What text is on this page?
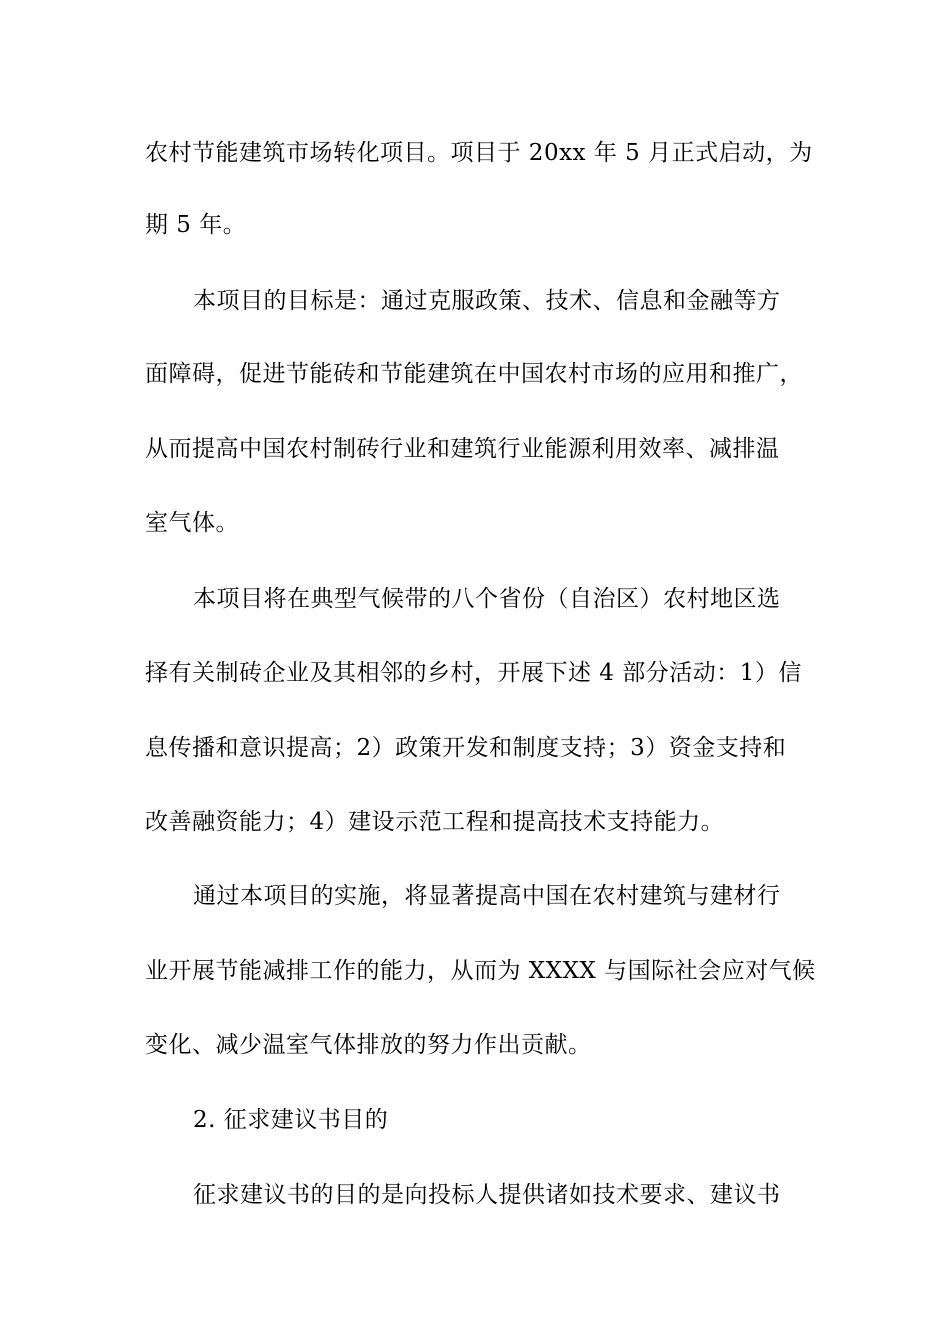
农村节能建筑市场转化项目。项目于 20xx 年 5 月正式启动，为
期 5 年。
本项目的目标是：通过克服政策、技术、信息和金融等方
面障碍，促进节能砖和节能建筑在中国农村市场的应用和推广，
从而提高中国农村制砖行业和建筑行业能源利用效率、减排温
室气体。
本项目将在典型气候带的八个省份（自治区）农村地区选
择有关制砖企业及其相邻的乡村，开展下述 4 部分活动：1）信
息传播和意识提高；2）政策开发和制度支持；3）资金支持和
改善融资能力；4）建设示范工程和提高技术支持能力。
通过本项目的实施，将显著提高中国在农村建筑与建材行
业开展节能减排工作的能力，从而为 XXXX 与国际社会应对气候
变化、减少温室气体排放的努力作出贡献。
2. 征求建议书目的
征求建议书的目的是向投标人提供诸如技术要求、建议书
